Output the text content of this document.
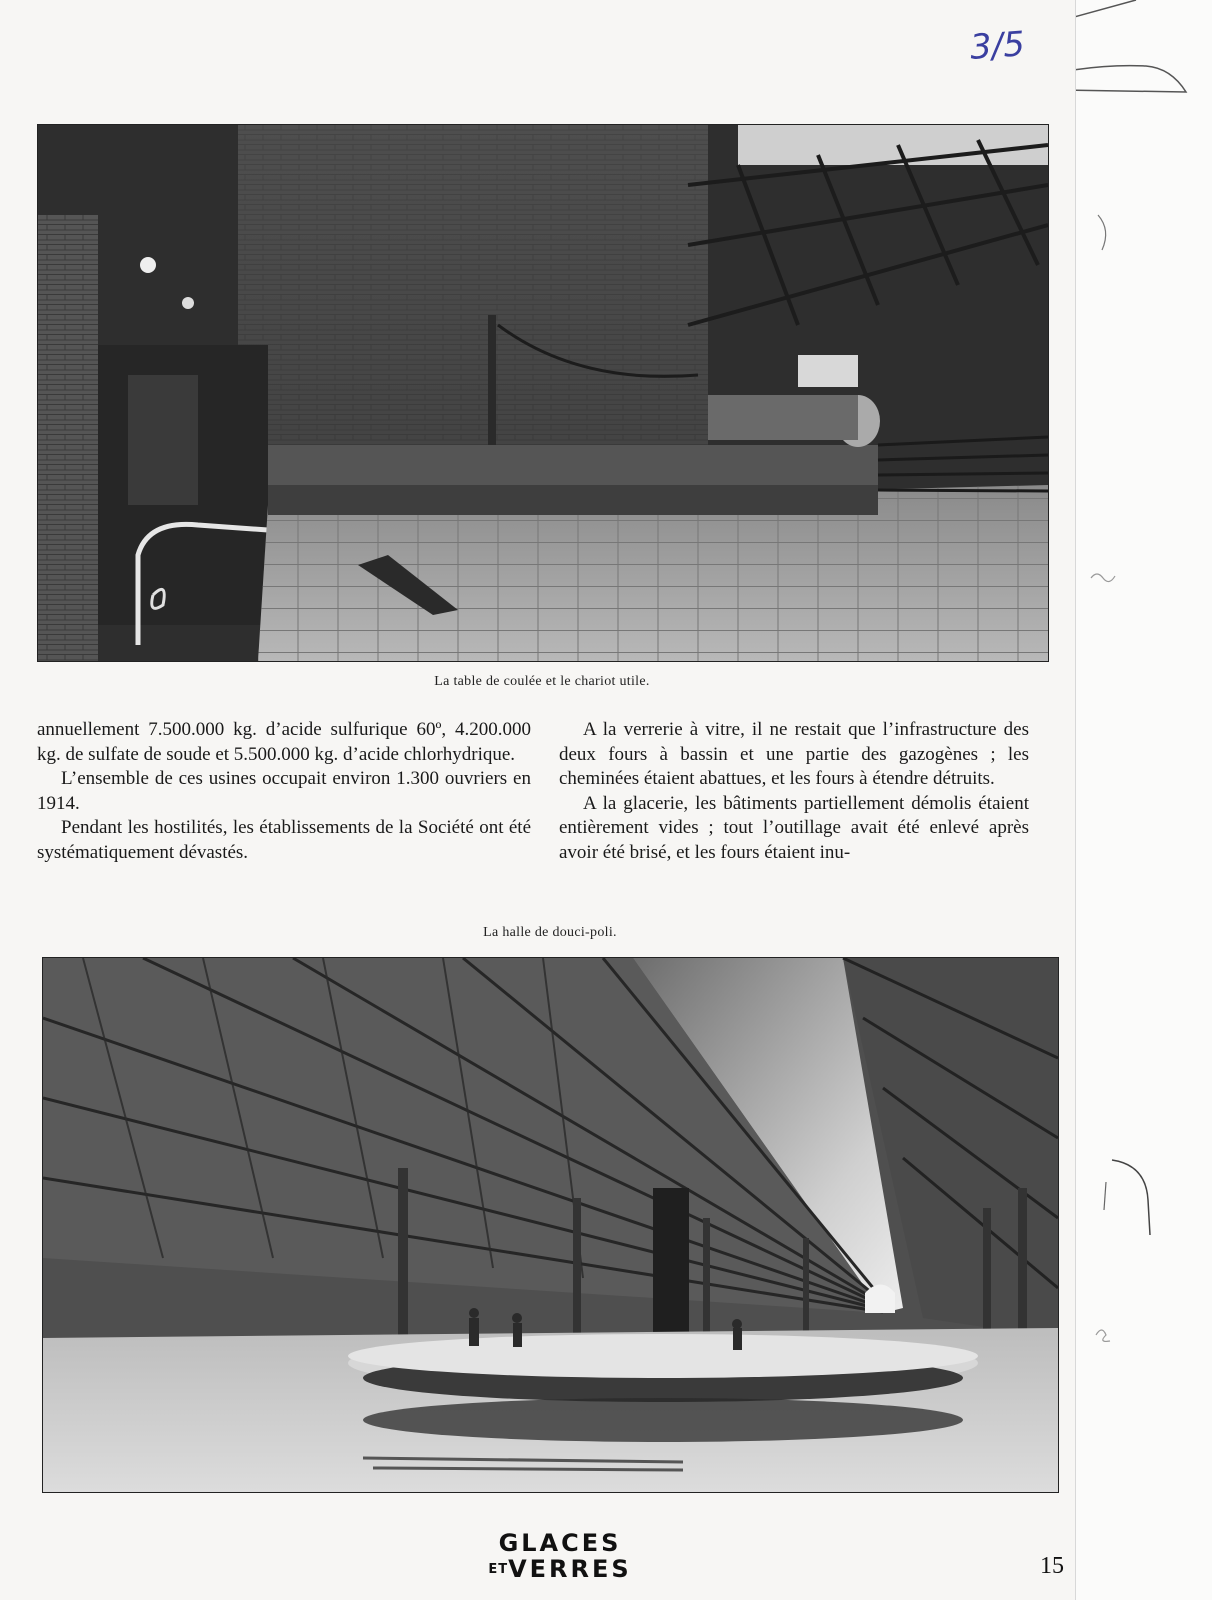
3/5
La table de coulée et le chariot utile.

annuellement 7.500.000 kg. d’acide sulfurique 60º, 4.200.000 kg. de sulfate de soude et 5.500.000 kg. d’acide chlorhydrique.

L’ensemble de ces usines occupait environ 1.300 ouvriers en 1914.

Pendant les hostilités, les établissements de la Société ont été systématiquement dévastés.

A la verrerie à vitre, il ne restait que l’infrastructure des deux fours à bassin et une partie des gazogènes ; les cheminées étaient abattues, et les fours à étendre détruits.

A la glacerie, les bâtiments partiellement démolis étaient entièrement vides ; tout l’outillage avait été enlevé après avoir été brisé, et les fours étaient inu-

La halle de douci-poli.
GLACES
ETVERRES	15
